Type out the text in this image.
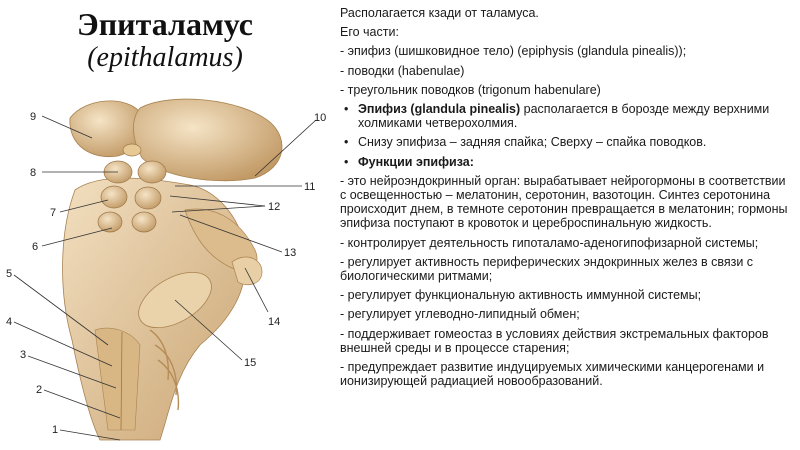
Эпиталамус
(epithalamus)
9
8
7
6
5
4
3
2
1
10
11
12
13
14
15

Располагается кзади от таламуса.

Его части:

- эпифиз (шишковидное тело) (epiphysis (glandula pinealis));

- поводки (habenulae)

- треугольник поводков (trigonum habenulare)

• Эпифиз (glandula pinealis) располагается в борозде между верхними холмиками четверохолмия.
• Снизу эпифиза – задняя спайка; Сверху – спайка поводков.
• Функции эпифиза:

- это нейроэндокринный орган: вырабатывает нейрогормоны в соответствии с освещенностью – мелатонин, серотонин, вазотоцин. Синтез серотонина происходит днем, в темноте серотонин превращается в мелатонин; гормоны эпифиза поступают в кровоток и цереброспинальную жидкость.

- контролирует деятельность гипоталамо-аденогипофизарной системы;

- регулирует активность периферических эндокринных желез в связи с биологическими ритмами;

- регулирует функциональную активность иммунной системы;

- регулирует углеводно-липидный обмен;

- поддерживает гомеостаз в условиях действия экстремальных факторов внешней среды и в процессе старения;

- предупреждает развитие индуцируемых химическими канцерогенами и ионизирующей радиацией новообразований.
